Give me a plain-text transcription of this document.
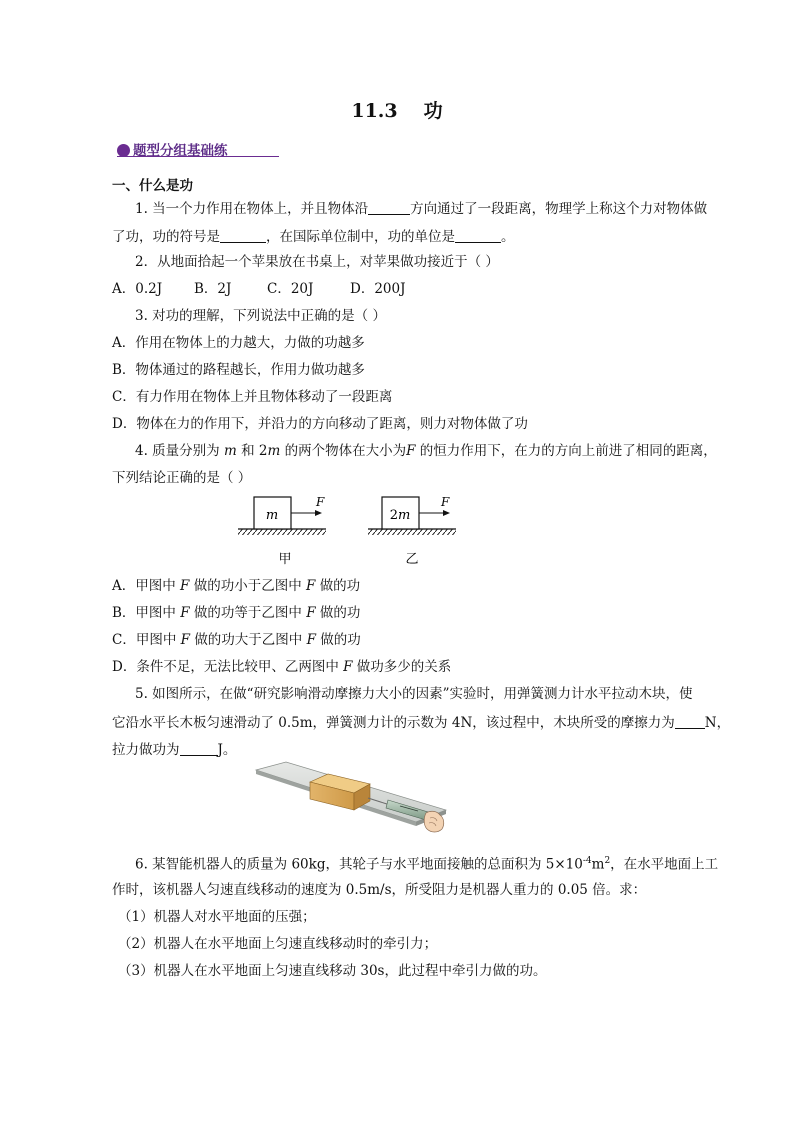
11.3 功
题型分组基础练
一、什么是功
1. 当一个力作用在物体上，并且物体沿	方向通过了一段距离，物理学上称这个力对物体做
了功，功的符号是	，在国际单位制中，功的单位是	。
2．从地面拾起一个苹果放在书桌上，对苹果做功接近于（ ）
A．0.2J B．2J	C．20J	D．200J
3. 对功的理解，下列说法中正确的是（ ）
A．作用在物体上的力越大，力做的功越多
B．物体通过的路程越长，作用力做功越多
C．有力作用在物体上并且物体移动了一段距离
D．物体在力的作用下，并沿力的方向移动了距离，则力对物体做了功
4. 质量分别为 m 和 2m 的两个物体在大小为F 的恒力作用下，在力的方向上前进了相同的距离，
下列结论正确的是（ ）
m
F
甲
2m
F
乙
A．甲图中 F 做的功小于乙图中 F 做的功
B．甲图中 F 做的功等于乙图中 F 做的功
C．甲图中 F 做的功大于乙图中 F 做的功
D．条件不足，无法比较甲、乙两图中 F 做功多少的关系
5. 如图所示，在做“研究影响滑动摩擦力大小的因素”实验时，用弹簧测力计水平拉动木块，使
它沿水平长木板匀速滑动了 0.5m，弹簧测力计的示数为 4N，该过程中，木块所受的摩擦力为 N，
拉力做功为	J。
6. 某智能机器人的质量为 60kg，其轮子与水平地面接触的总面积为 $5\times 10^{-4}m^2$，在水平地面上工
作时，该机器人匀速直线移动的速度为 0.5m/s，所受阻力是机器人重力的 0.05 倍。求：
（1）机器人对水平地面的压强；
（2）机器人在水平地面上匀速直线移动时的牵引力；
（3）机器人在水平地面上匀速直线移动 30s，此过程中牵引力做的功。
